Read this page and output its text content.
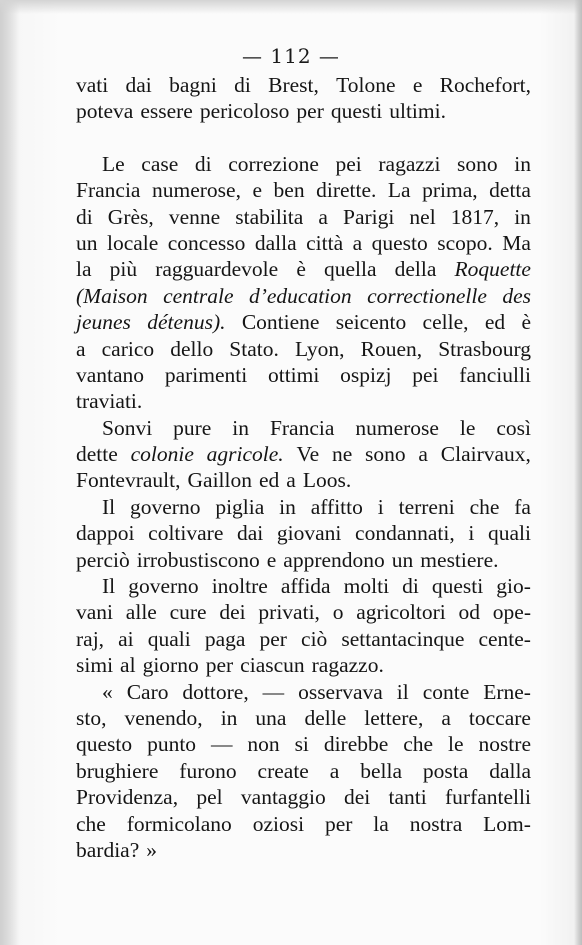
— 112 —
vati dai bagni di Brest, Tolone e Rochefort,
poteva essere pericoloso per questi ultimi.
Le case di correzione pei ragazzi sono in
Francia numerose, e ben dirette. La prima, detta
di Grès, venne stabilita a Parigi nel 1817, in
un locale concesso dalla città a questo scopo. Ma
la più ragguardevole è quella della Roquette
(Maison centrale d’education correctionelle des
jeunes détenus). Contiene seicento celle, ed è
a carico dello Stato. Lyon, Rouen, Strasbourg
vantano parimenti ottimi ospizj pei fanciulli
traviati.
Sonvi pure in Francia numerose le così
dette colonie agricole. Ve ne sono a Clairvaux,
Fontevrault, Gaillon ed a Loos.
Il governo piglia in affitto i terreni che fa
dappoi coltivare dai giovani condannati, i quali
perciò irrobustiscono e apprendono un mestiere.
Il governo inoltre affida molti di questi gio-
vani alle cure dei privati, o agricoltori od ope-
raj, ai quali paga per ciò settantacinque cente-
simi al giorno per ciascun ragazzo.
« Caro dottore, — osservava il conte Erne-
sto, venendo, in una delle lettere, a toccare
questo punto — non si direbbe che le nostre
brughiere furono create a bella posta dalla
Providenza, pel vantaggio dei tanti furfantelli
che formicolano oziosi per la nostra Lom-
bardia? »
